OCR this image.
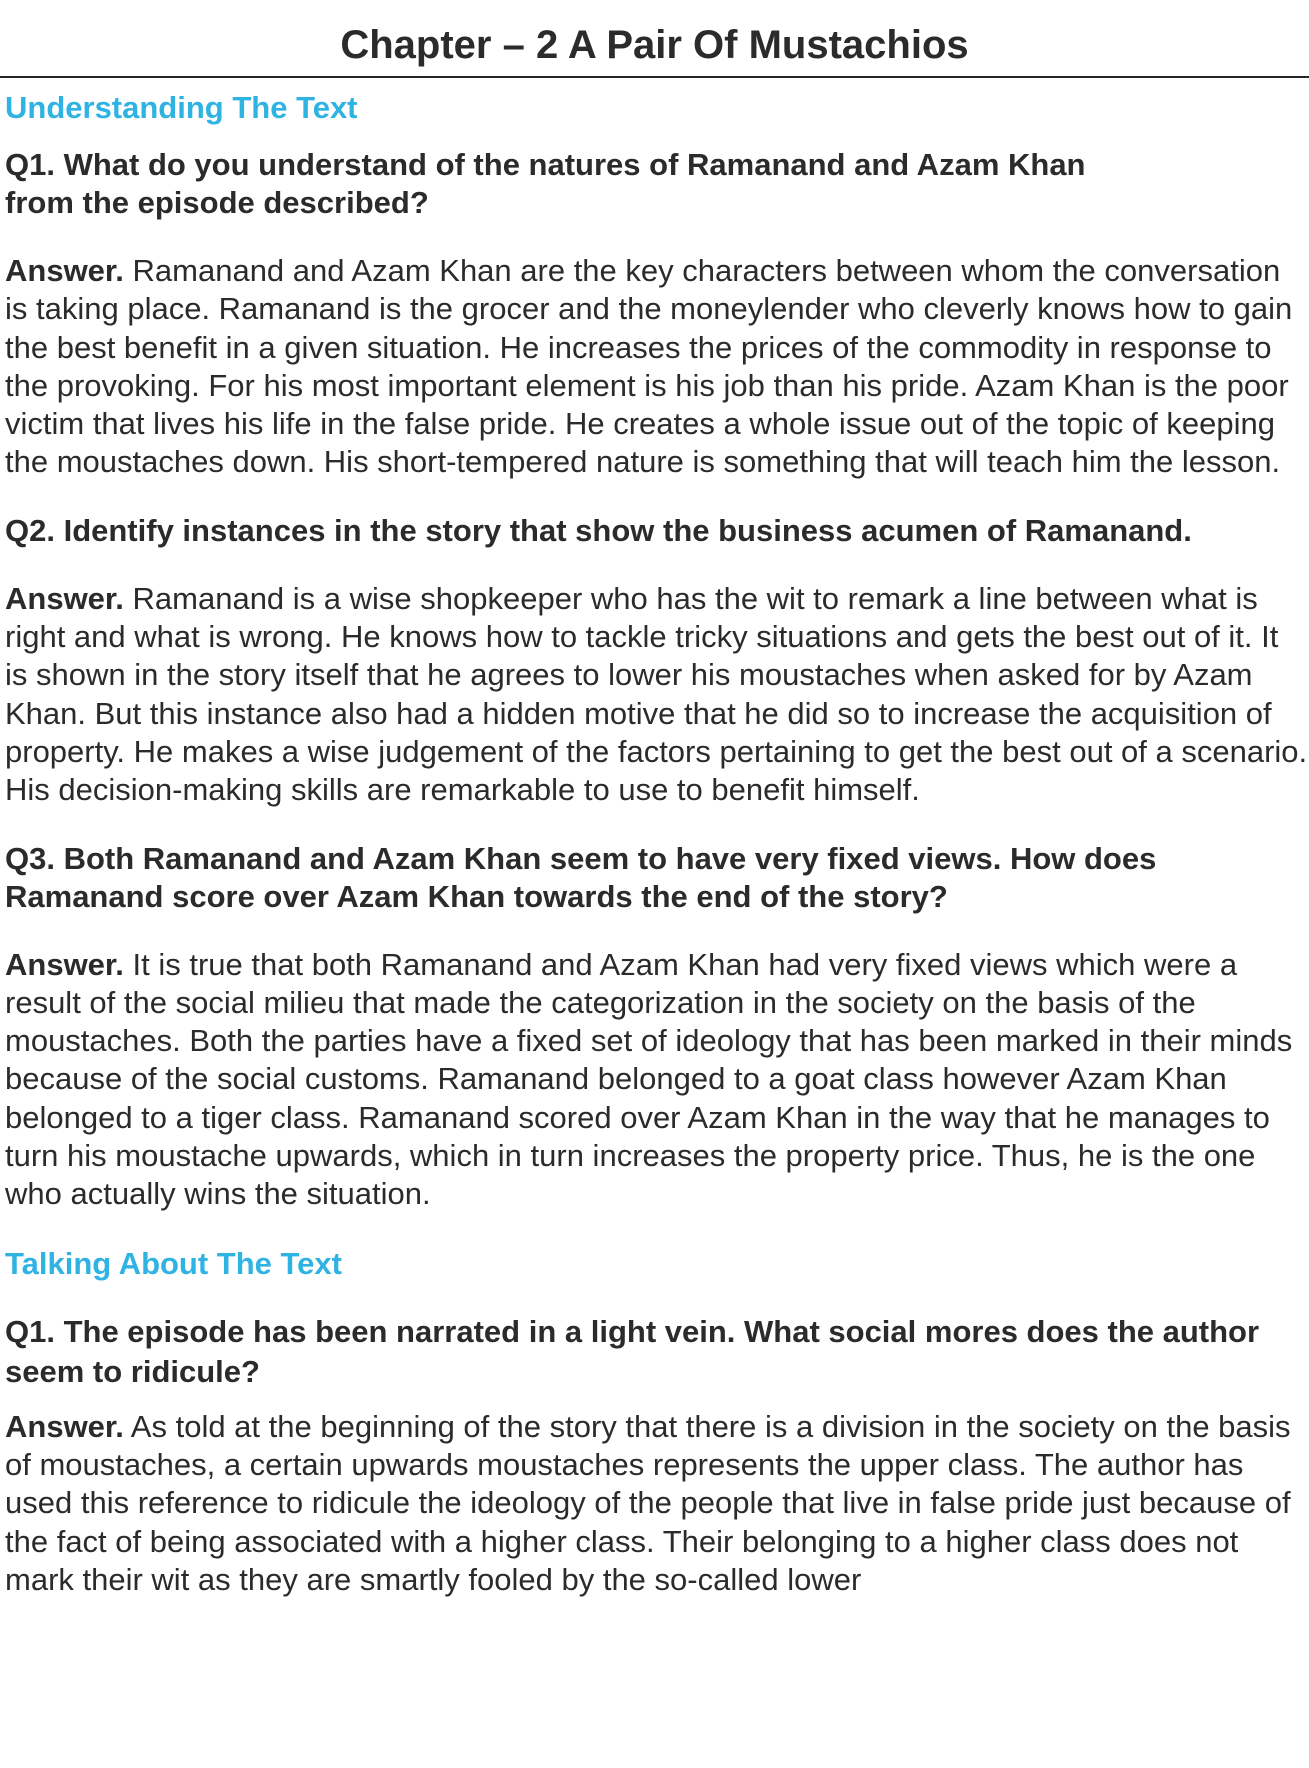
Chapter – 2 A Pair Of Mustachios
Understanding The Text

Q1. What do you understand of the natures of Ramanand and Azam Khan from the episode described?

Answer. Ramanand and Azam Khan are the key characters between whom the conversation is taking place. Ramanand is the grocer and the moneylender who cleverly knows how to gain the best benefit in a given situation. He increases the prices of the commodity in response to the provoking. For his most important element is his job than his pride. Azam Khan is the poor victim that lives his life in the false pride. He creates a whole issue out of the topic of keeping the moustaches down. His short-tempered nature is something that will teach him the lesson.

Q2. Identify instances in the story that show the business acumen of Ramanand.

Answer. Ramanand is a wise shopkeeper who has the wit to remark a line between what is right and what is wrong. He knows how to tackle tricky situations and gets the best out of it. It is shown in the story itself that he agrees to lower his moustaches when asked for by Azam Khan. But this instance also had a hidden motive that he did so to increase the acquisition of property. He makes a wise judgement of the factors pertaining to get the best out of a scenario. His decision-making skills are remarkable to use to benefit himself.

Q3. Both Ramanand and Azam Khan seem to have very fixed views. How does Ramanand score over Azam Khan towards the end of the story?

Answer. It is true that both Ramanand and Azam Khan had very fixed views which were a result of the social milieu that made the categorization in the society on the basis of the moustaches. Both the parties have a fixed set of ideology that has been marked in their minds because of the social customs. Ramanand belonged to a goat class however Azam Khan belonged to a tiger class. Ramanand scored over Azam Khan in the way that he manages to turn his moustache upwards, which in turn increases the property price. Thus, he is the one who actually wins the situation.

Talking About The Text

Q1. The episode has been narrated in a light vein. What social mores does the author seem to ridicule?

Answer. As told at the beginning of the story that there is a division in the society on the basis of moustaches, a certain upwards moustaches represents the upper class. The author has used this reference to ridicule the ideology of the people that live in false pride just because of the fact of being associated with a higher class. Their belonging to a higher class does not mark their wit as they are smartly fooled by the so-called lower
